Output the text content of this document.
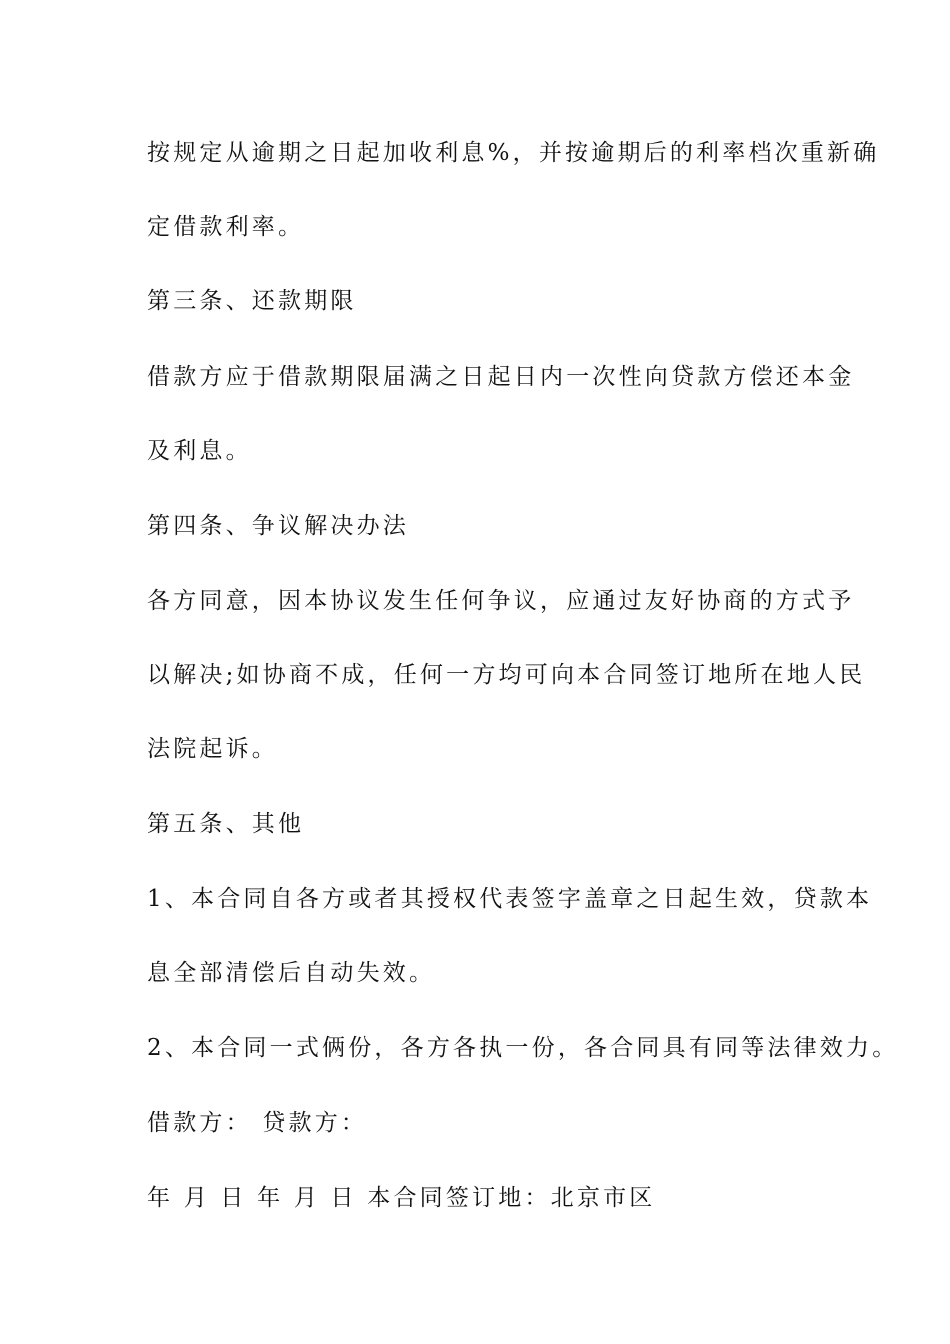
按规定从逾期之日起加收利息%，并按逾期后的利率档次重新确
定借款利率。
第三条、还款期限
借款方应于借款期限届满之日起日内一次性向贷款方偿还本金
及利息。
第四条、争议解决办法
各方同意，因本协议发生任何争议，应通过友好协商的方式予
以解决;如协商不成，任何一方均可向本合同签订地所在地人民
法院起诉。
第五条、其他
1、本合同自各方或者其授权代表签字盖章之日起生效，贷款本
息全部清偿后自动失效。
2、本合同一式俩份，各方各执一份，各合同具有同等法律效力。
借款方： 贷款方：
年 月 日 年 月 日 本合同签订地：北京市区
